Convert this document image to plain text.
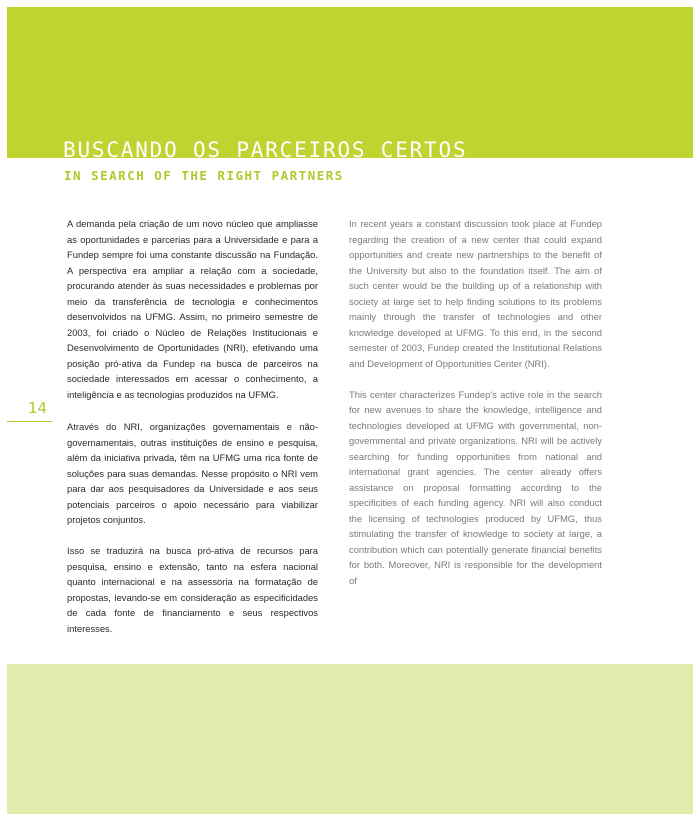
BUSCANDO OS PARCEIROS CERTOS
IN SEARCH OF THE RIGHT PARTNERS
14

A demanda pela criação de um novo núcleo que ampliasse as oportunidades e parcerias para a Universidade e para a Fundep sempre foi uma constante discussão na Fundação. A perspectiva era ampliar a relação com a sociedade, procurando atender às suas necessidades e problemas por meio da transferência de tecnologia e conhecimentos desenvolvidos na UFMG. Assim, no primeiro semestre de 2003, foi criado o Núcleo de Relações Institucionais e Desenvolvimento de Oportunidades (NRI), efetivando uma posição pró-ativa da Fundep na busca de parceiros na sociedade interessados em acessar o conhecimento, a inteligência e as tecnologias produzidos na UFMG.

Através do NRI, organizações governamentais e não-governamentais, outras instituições de ensino e pesquisa, além da iniciativa privada, têm na UFMG uma rica fonte de soluções para suas demandas. Nesse propósito o NRI vem para dar aos pesquisadores da Universidade e aos seus potenciais parceiros o apoio necessário para viabilizar projetos conjuntos.

Isso se traduzirá na busca pró-ativa de recursos para pesquisa, ensino e extensão, tanto na esfera nacional quanto internacional e na assessoria na formatação de propostas, levando-se em consideração as especificidades de cada fonte de financiamento e seus respectivos interesses.

In recent years a constant discussion took place at Fundep regarding the creation of a new center that could expand opportunities and create new partnerships to the benefit of the University but also to the foundation itself. The aim of such center would be the building up of a relationship with society at large set to help finding solutions to its problems mainly through the transfer of technologies and other knowledge developed at UFMG. To this end, in the second semester of 2003, Fundep created the Institutional Relations and Development of Opportunities Center (NRI).

This center characterizes Fundep's active role in the search for new avenues to share the knowledge, intelligence and technologies developed at UFMG with governmental, non-governmental and private organizations. NRI will be actively searching for funding opportunities from national and international grant agencies. The center already offers assistance on proposal formatting according to the specificities of each funding agency. NRI will also conduct the licensing of technologies produced by UFMG, thus stimulating the transfer of knowledge to society at large, a contribution which can potentially generate financial benefits for both. Moreover, NRI is responsible for the development of
